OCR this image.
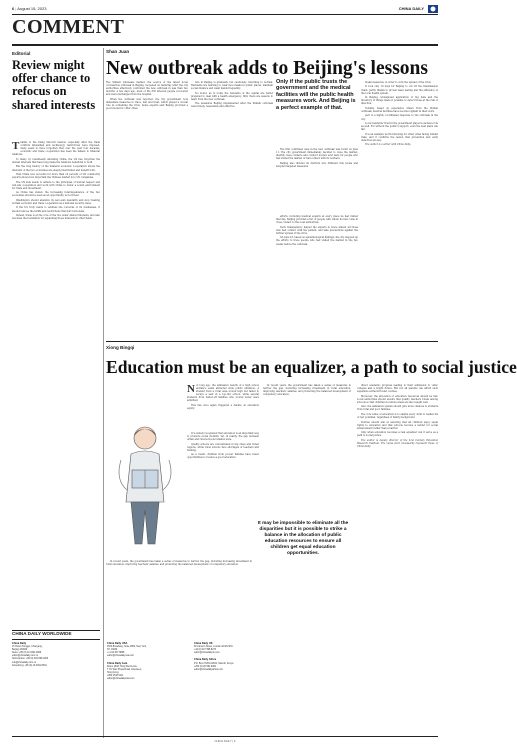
6 | August 15, 2023	CHINA DAILY
COMMENT
Editorial
Review might offer chance to refocus on shared interests

Thanks to the rising Sino-US tension, especially after the trade conflicts intensified and technology restrictions were imposed, many seem to have forgotten that over the past four decades, economic and trade cooperation has been the ballast to bilateral relations.

To many, by relentlessly attacking China, the US has forgotten the mutual interests that have long made the relations beneficial to both.

But the long history of the bilateral economic cooperation shows the interests of the two economies are deeply intertwined and benefit both.

That China now accounts for more than 10 percent of US commodity exports shows how important the Chinese market is to US companies.

The US side needs to adhere to the principles of mutual respect and win-win cooperation and work with China to foster a sound environment for trade and investment.

As China has stated, the increasing interdependence of the two economies should be seen as an opportunity, not a threat.

Washington should abandon its zero-sum mentality and stop treating normal economic and trade cooperation as a national security issue.

If the US truly wants to address the concerns of its businesses, it should remove the tariffs and restrictions that hurt both sides.

Indeed, trade is at the core of the two sides' shared interests, and also becomes the foundation for expanding those interests in other fields.

CHINA DAILY WORLDWIDE
China Daily
15 Huixin Dongjie, Chaoyang,
Beijing 100029
News: +86 (0) 10 6491-8366
editor@chinadaily.com.cn
Subscription: +86 (0) 400-699-0203
sub@chinadaily.com.cn
Advertising: +86 (0) 10 6491-8631
China Daily USA
1500 Broadway, Suite 2800, New York,
NY 10036
+1 212 537 8888
editor@chinadailyusa.com

China Daily Asia
Room 1818, Hing Wai Centre,
7 Tin Wan Praya Road, Aberdeen,
Hong Kong
+852 2518 5111
editor@chinadailyasia.com
China Daily UK
90 Cannon Street, London EC4N 6HA
+44 (0) 20 7398 8270
editor@chinadailyuk.com

China Daily Africa
P.O. Box 27281-00100, Nairobi, Kenya
+254 (0) 20 692 0900
editor@chinadailyafrica.com
Shan Juan
New outbreak adds to Beijing's lessons

The Xinfadi wholesale market, the source of the latest novel coronavirus outbreak in Beijing, reopened on Saturday after the city authorities effectively controlled the new outbreak in less than two months. A few days ago, most of the 335 infected people recovered and were discharged from the hospital.

When the outbreak was reported, the city government took immediate measures to trace, test and treat, which played a crucial role in containing the virus. Some experts said Beijing provided a good model for other cities.

Life in Beijing is gradually, but cautiously, returning to normal. Residents are learning to wear face masks in public places, maintain social distance and wash hands frequently.

No doubt, as of today the residents of the capital are better prepared to deal with a health emergency. Still, there are lessons to learn from the new outbreak.

The measures Beijing implemented after the Xinfadi outbreak were timely, reasonable and effective.

Only if the public trusts the government and the medical facilities will the public health measures work. And Beijing is a perfect example of that.

The first confirmed case in the new outbreak was found on June 11. The city government immediately decided to close the market, identify close contacts and conduct nucleic acid tests for people who had visited the market or had contact with its workers.

Beijing also divided its districts into different risk levels and adopted targeted measures.

efforts, including medical experts at every place he had visited that day. Beijing provided a list of people with whom he had come in close contact to the local authorities.

Such transparency helped the experts to trace almost all those who had contact with the patient, and take precautions against the further spread of the virus.

On June 18, based on epidemiological findings, the city stepped up the efforts to trace people who had visited the market in the two weeks before the outbreak.

break measures, in order to curb the spread of the virus.

It took only 19 days for Beijing to cut off the transmission chain, partly thanks to proven mass testing and the efficiency of the local health system.

In Beijing, widespread application of big data and the inventory of things made it possible to detect those at the risk of infection.

Notably, based on experience drawn from the Wuhan outbreak, medical facilities have become vigilant in their work.

part of a highly coordinated response to the outbreak in the city.

Local residents' trust in the government played a decisive role as well. For without the public's support, even the best plans can fail.

It is an example worth following for other cities facing similar risks, and it confirms the lesson that prevention and early detection are key.

The author is a writer with China Daily.

Xiong Bingqi
Education must be an equalizer, a path to social justice

Not long ago, the admission results of a high school entrance exam attracted wide public attention. A student from a rural area scored high but failed to secure a seat in a top-tier school, while several students from better-off families who scored lower were admitted.

This has once again triggered a debate on education equity.

It is widely recognized that education is an important way to promote social mobility. Yet, in reality, the gap between urban and rural schools remains wide.

Quality schools are concentrated in big cities and richer regions, while rural schools face shortages of teachers and funding.

As a result, children from poorer families have fewer opportunities to receive a good education.

In recent years, the government has taken a series of measures to narrow the gap, including increasing investment in rural education, improving teachers' salaries, and promoting the balanced development of compulsory education.

It may be impossible to eliminate all the disparities but it is possible to strike a balance in the allocation of public education resources to ensure all children get equal education opportunities.

In recent years, the government has taken a series of measures to narrow the gap, including increasing investment in rural education, improving teachers' salaries, and promoting the balanced development of compulsory education.

direct academic progress leading to their admission to 'elite' colleges and a bright future. But not all parents can afford such expensive extracurricular courses.

Moreover, the allocation of education resources should be fair. Local authorities should ensure that quality teachers rotate among schools so that children in remote areas are also taught well.

Also, the admission system should give more chances to students from rural and poor families.

The core value of education is to enable every child to realize his or her potential, regardless of family background.

Policies should aim at ensuring that all children enjoy equal rights to education and that schools become a ladder for social advancement rather than a barrier.

Only when education becomes a real equalizer can it serve as a path to social justice.

The author is deputy director of the 21st Century Education Research Institute. The views don't necessarily represent those of China Daily.

CHINA DAILY | 6
